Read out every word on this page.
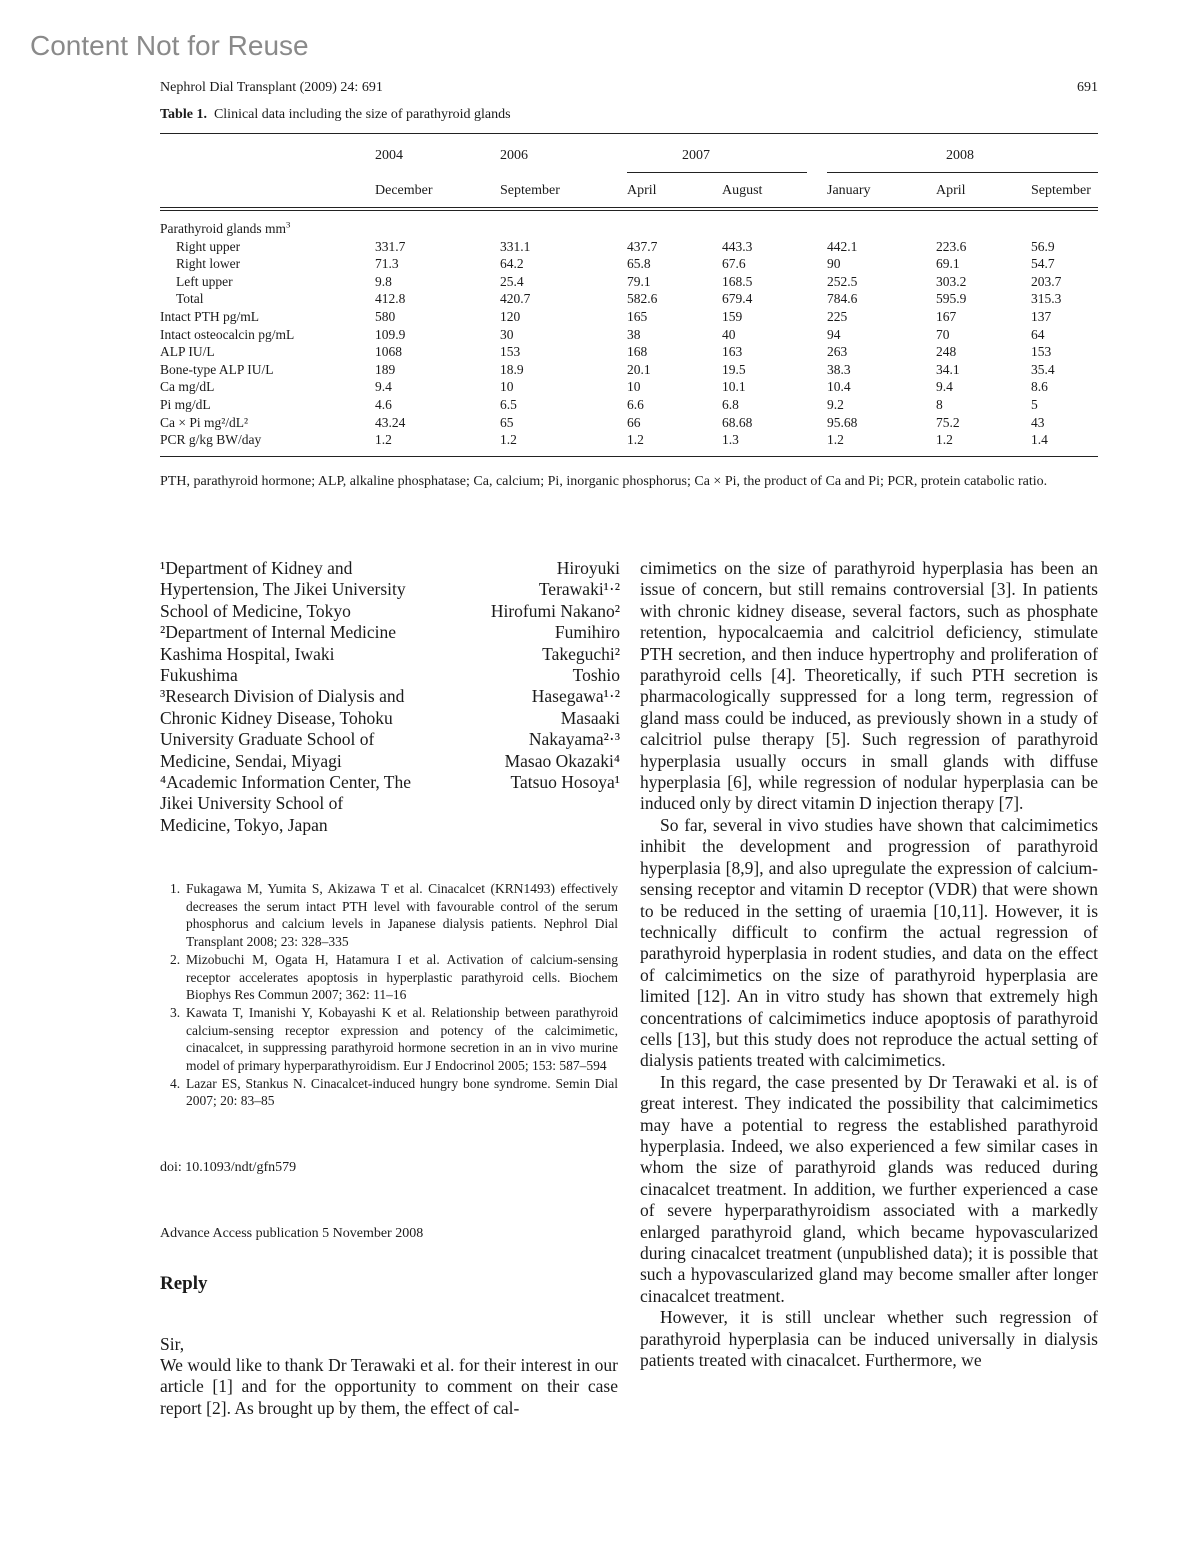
Content Not for Reuse
Nephrol Dial Transplant (2009) 24: 691	691
Table 1. Clinical data including the size of parathyroid glands
2004	2006	2007	2008
December	September	April	August	January	April	September
Parathyroid glands $mm^3$
Right upper	331.7	331.1	437.7	443.3	442.1	223.6	56.9
Right lower	71.3	64.2	65.8	67.6	90	69.1	54.7
Left upper	9.8	25.4	79.1	168.5	252.5	303.2	203.7
Total	412.8	420.7	582.6	679.4	784.6	595.9	315.3
Intact PTH pg/mL	580	120	165	159	225	167	137
Intact osteocalcin pg/mL	109.9	30	38	40	94	70	64
ALP IU/L	1068	153	168	163	263	248	153
Bone-type ALP IU/L	189	18.9	20.1	19.5	38.3	34.1	35.4
Ca mg/dL	9.4	10	10	10.1	10.4	9.4	8.6
Pi mg/dL	4.6	6.5	6.6	6.8	9.2	8	5
Ca × Pi mg²/dL²	43.24	65	66	68.68	95.68	75.2	43
PCR g/kg BW/day	1.2	1.2	1.2	1.3	1.2	1.2	1.4
PTH, parathyroid hormone; ALP, alkaline phosphatase; Ca, calcium; Pi, inorganic phosphorus; Ca × Pi, the product of Ca and Pi; PCR, protein catabolic ratio.
¹Department of Kidney and
Hypertension, The Jikei University
School of Medicine, Tokyo
²Department of Internal Medicine
Kashima Hospital, Iwaki
Fukushima
³Research Division of Dialysis and
Chronic Kidney Disease, Tohoku
University Graduate School of
Medicine, Sendai, Miyagi
⁴Academic Information Center, The
Jikei University School of
Medicine, Tokyo, Japan
Hiroyuki
Terawaki¹·²
Hirofumi Nakano²
Fumihiro
Takeguchi²
Toshio
Hasegawa¹·²
Masaaki
Nakayama²·³
Masao Okazaki⁴
Tatsuo Hosoya¹
1. Fukagawa M, Yumita S, Akizawa T et al. Cinacalcet (KRN1493) effectively decreases the serum intact PTH level with favourable control of the serum phosphorus and calcium levels in Japanese dialysis patients. Nephrol Dial Transplant 2008; 23: 328–335
2. Mizobuchi M, Ogata H, Hatamura I et al. Activation of calcium-sensing receptor accelerates apoptosis in hyperplastic parathyroid cells. Biochem Biophys Res Commun 2007; 362: 11–16
3. Kawata T, Imanishi Y, Kobayashi K et al. Relationship between parathyroid calcium-sensing receptor expression and potency of the calcimimetic, cinacalcet, in suppressing parathyroid hormone secretion in an in vivo murine model of primary hyperparathyroidism. Eur J Endocrinol 2005; 153: 587–594
4. Lazar ES, Stankus N. Cinacalcet-induced hungry bone syndrome. Semin Dial 2007; 20: 83–85
doi: 10.1093/ndt/gfn579
Advance Access publication 5 November 2008
Reply
Sir,
We would like to thank Dr Terawaki et al. for their interest in our article [1] and for the opportunity to comment on their case report [2]. As brought up by them, the effect of cal-

cimimetics on the size of parathyroid hyperplasia has been an issue of concern, but still remains controversial [3]. In patients with chronic kidney disease, several factors, such as phosphate retention, hypocalcaemia and calcitriol deficiency, stimulate PTH secretion, and then induce hypertrophy and proliferation of parathyroid cells [4]. Theoretically, if such PTH secretion is pharmacologically suppressed for a long term, regression of gland mass could be induced, as previously shown in a study of calcitriol pulse therapy [5]. Such regression of parathyroid hyperplasia usually occurs in small glands with diffuse hyperplasia [6], while regression of nodular hyperplasia can be induced only by direct vitamin D injection therapy [7].

So far, several in vivo studies have shown that calcimimetics inhibit the development and progression of parathyroid hyperplasia [8,9], and also upregulate the expression of calcium-sensing receptor and vitamin D receptor (VDR) that were shown to be reduced in the setting of uraemia [10,11]. However, it is technically difficult to confirm the actual regression of parathyroid hyperplasia in rodent studies, and data on the effect of calcimimetics on the size of parathyroid hyperplasia are limited [12]. An in vitro study has shown that extremely high concentrations of calcimimetics induce apoptosis of parathyroid cells [13], but this study does not reproduce the actual setting of dialysis patients treated with calcimimetics.

In this regard, the case presented by Dr Terawaki et al. is of great interest. They indicated the possibility that calcimimetics may have a potential to regress the established parathyroid hyperplasia. Indeed, we also experienced a few similar cases in whom the size of parathyroid glands was reduced during cinacalcet treatment. In addition, we further experienced a case of severe hyperparathyroidism associated with a markedly enlarged parathyroid gland, which became hypovascularized during cinacalcet treatment (unpublished data); it is possible that such a hypovascularized gland may become smaller after longer cinacalcet treatment.

However, it is still unclear whether such regression of parathyroid hyperplasia can be induced universally in dialysis patients treated with cinacalcet. Furthermore, we
